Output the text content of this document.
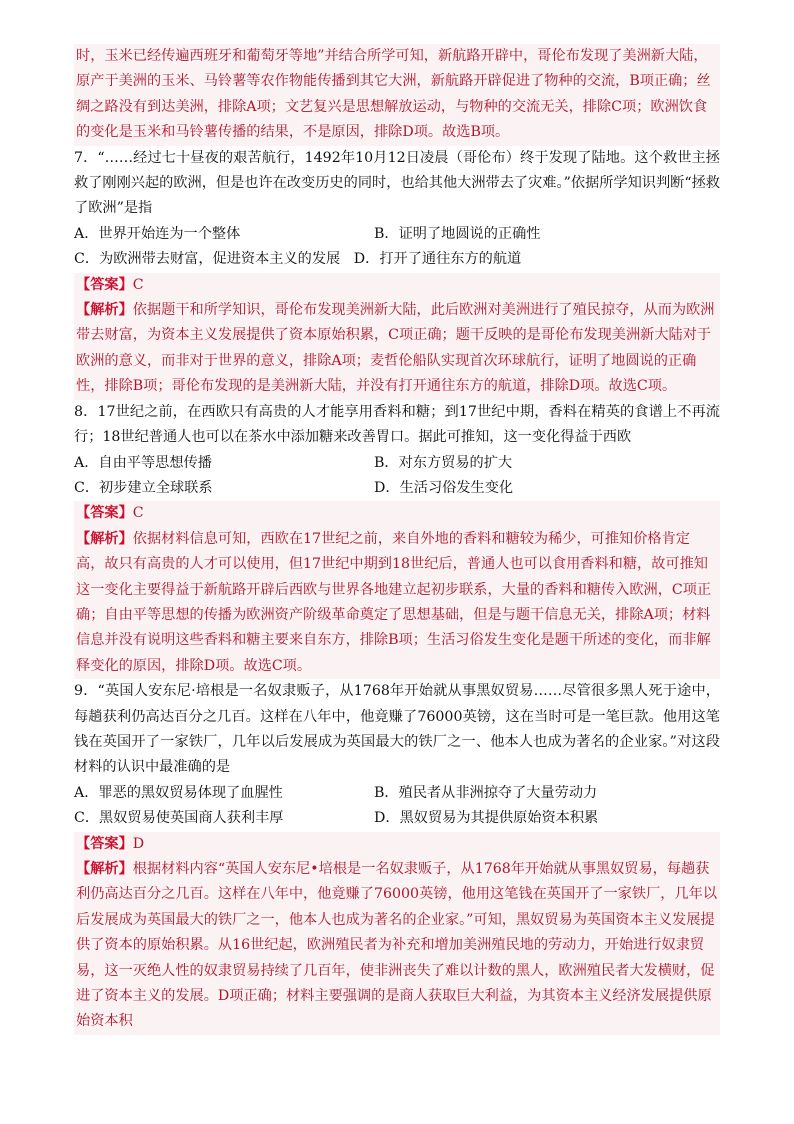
时，玉米已经传遍西班牙和葡萄牙等地”并结合所学可知，新航路开辟中，哥伦布发现了美洲新大陆，原产于美洲的玉米、马铃薯等农作物能传播到其它大洲，新航路开辟促进了物种的交流，B项正确；丝绸之路没有到达美洲，排除A项；文艺复兴是思想解放运动，与物种的交流无关，排除C项；欧洲饮食的变化是玉米和马铃薯传播的结果，不是原因，排除D项。故选B项。

7．“……经过七十昼夜的艰苦航行，1492年10月12日凌晨（哥伦布）终于发现了陆地。这个救世主拯救了刚刚兴起的欧洲，但是也许在改变历史的同时，也给其他大洲带去了灾难。”依据所学知识判断“拯救了欧洲”是指

A．世界开始连为一个整体	B．证明了地圆说的正确性
C．为欧洲带去财富，促进资本主义的发展 D．打开了通往东方的航道

【答案】C

【解析】依据题干和所学知识，哥伦布发现美洲新大陆，此后欧洲对美洲进行了殖民掠夺，从而为欧洲带去财富，为资本主义发展提供了资本原始积累，C项正确；题干反映的是哥伦布发现美洲新大陆对于欧洲的意义，而非对于世界的意义，排除A项；麦哲伦船队实现首次环球航行，证明了地圆说的正确性，排除B项；哥伦布发现的是美洲新大陆，并没有打开通往东方的航道，排除D项。故选C项。

8．17世纪之前，在西欧只有高贵的人才能享用香料和糖；到17世纪中期，香料在精英的食谱上不再流行；18世纪普通人也可以在茶水中添加糖来改善胃口。据此可推知，这一变化得益于西欧

A．自由平等思想传播	B．对东方贸易的扩大
C．初步建立全球联系	D．生活习俗发生变化

【答案】C

【解析】依据材料信息可知，西欧在17世纪之前，来自外地的香料和糖较为稀少，可推知价格肯定高，故只有高贵的人才可以使用，但17世纪中期到18世纪后，普通人也可以食用香料和糖，故可推知这一变化主要得益于新航路开辟后西欧与世界各地建立起初步联系，大量的香料和糖传入欧洲，C项正确；自由平等思想的传播为欧洲资产阶级革命奠定了思想基础，但是与题干信息无关，排除A项；材料信息并没有说明这些香料和糖主要来自东方，排除B项；生活习俗发生变化是题干所述的变化，而非解释变化的原因，排除D项。故选C项。

9．“英国人安东尼·培根是一名奴隶贩子，从1768年开始就从事黑奴贸易……尽管很多黑人死于途中，每趟获利仍高达百分之几百。这样在八年中，他竟赚了76000英镑，这在当时可是一笔巨款。他用这笔钱在英国开了一家铁厂，几年以后发展成为英国最大的铁厂之一、他本人也成为著名的企业家。”对这段材料的认识中最准确的是

A．罪恶的黑奴贸易体现了血腥性	B．殖民者从非洲掠夺了大量劳动力
C．黑奴贸易使英国商人获利丰厚	D．黑奴贸易为其提供原始资本积累

【答案】D

【解析】根据材料内容“英国人安东尼•培根是一名奴隶贩子，从1768年开始就从事黑奴贸易，每趟获利仍高达百分之几百。这样在八年中，他竟赚了76000英镑，他用这笔钱在英国开了一家铁厂，几年以后发展成为英国最大的铁厂之一，他本人也成为著名的企业家。”可知，黑奴贸易为英国资本主义发展提供了资本的原始积累。从16世纪起，欧洲殖民者为补充和增加美洲殖民地的劳动力，开始进行奴隶贸易，这一灭绝人性的奴隶贸易持续了几百年，使非洲丧失了难以计数的黑人，欧洲殖民者大发横财，促进了资本主义的发展。D项正确；材料主要强调的是商人获取巨大利益，为其资本主义经济发展提供原始资本积
